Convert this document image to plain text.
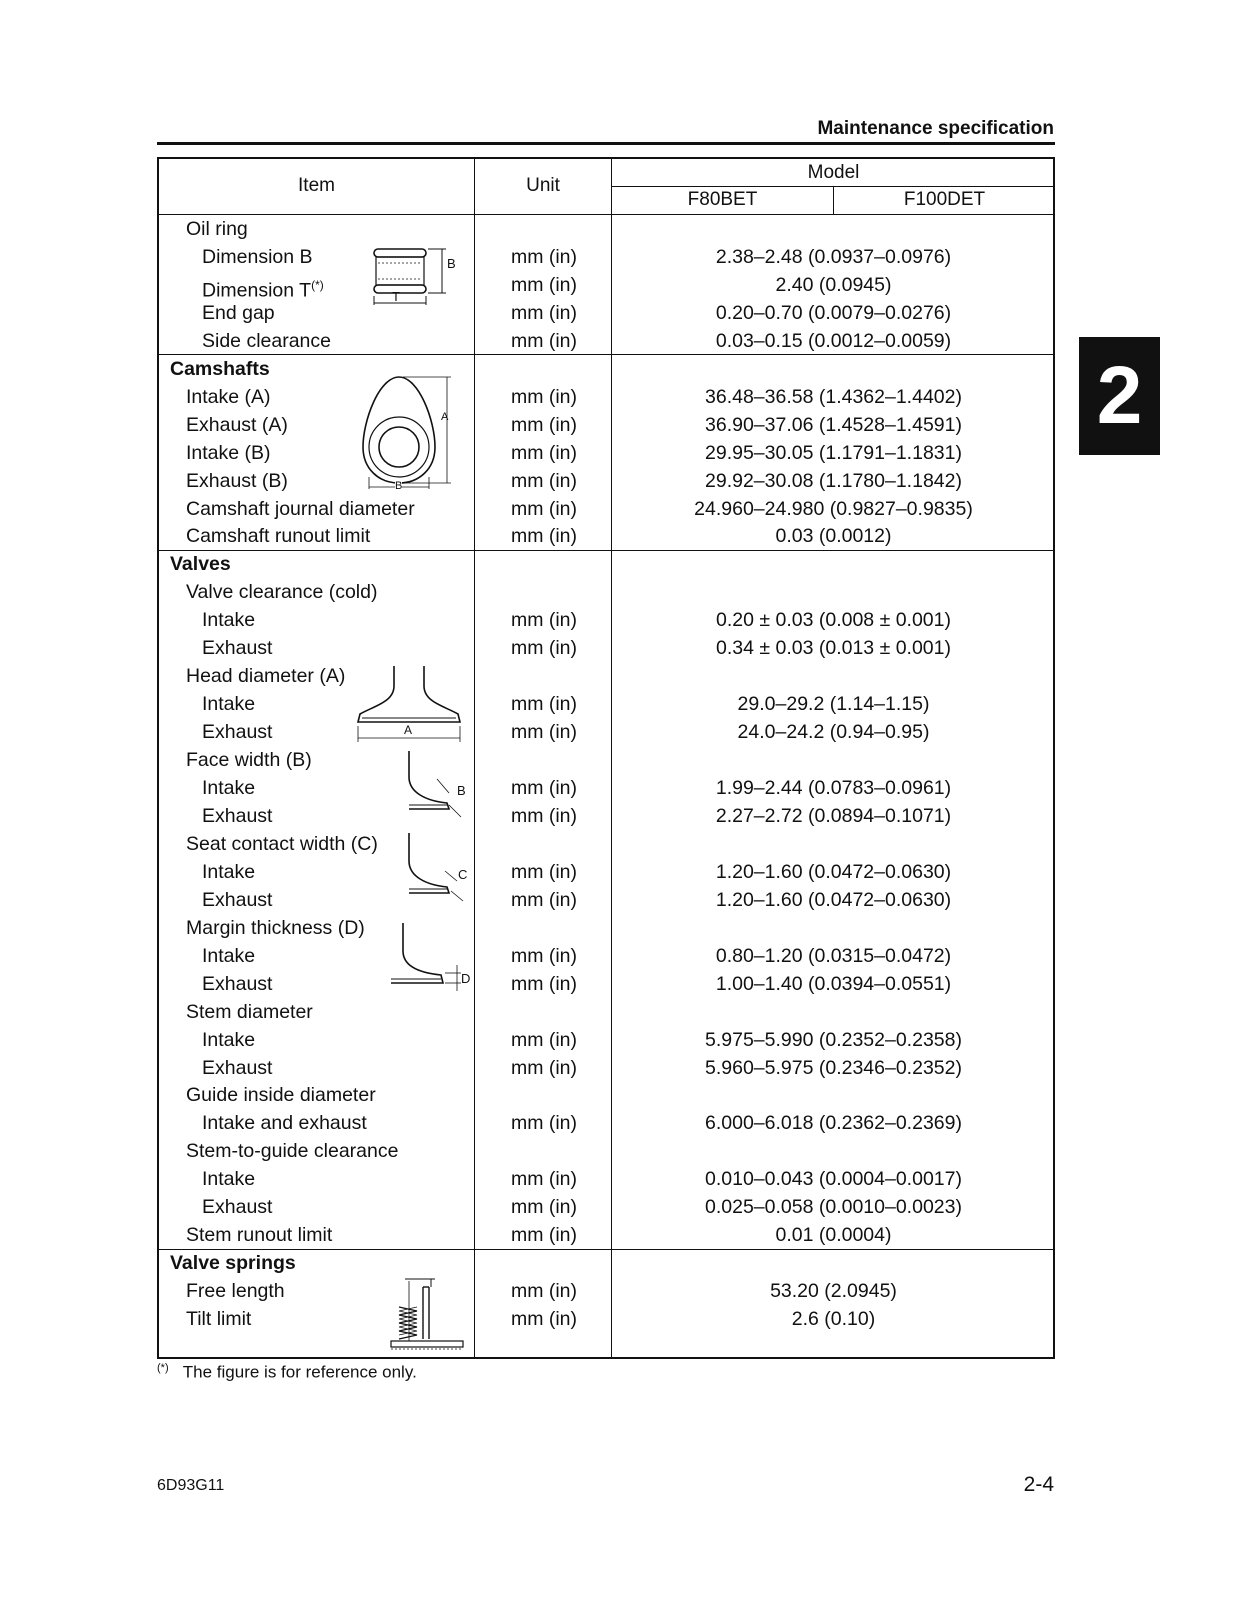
Maintenance specification
2
Item	Unit
Model
F80BET	F100DET
Oil ring
Dimension B	mm (in)	2.38–2.48 (0.0937–0.0976)
Dimension T(*)	mm (in)	2.40 (0.0945)
End gap	mm (in)	0.20–0.70 (0.0079–0.0276)
Side clearance	mm (in)	0.03–0.15 (0.0012–0.0059)
Camshafts
Intake (A)	mm (in)	36.48–36.58 (1.4362–1.4402)
Exhaust (A)	mm (in)	36.90–37.06 (1.4528–1.4591)
Intake (B)	mm (in)	29.95–30.05 (1.1791–1.1831)
Exhaust (B)	mm (in)	29.92–30.08 (1.1780–1.1842)
Camshaft journal diameter	mm (in)	24.960–24.980 (0.9827–0.9835)
Camshaft runout limit	mm (in)	0.03 (0.0012)
Valves
Valve clearance (cold)
Intake	mm (in)	0.20 ± 0.03 (0.008 ± 0.001)
Exhaust	mm (in)	0.34 ± 0.03 (0.013 ± 0.001)
Head diameter (A)
Intake	mm (in)	29.0–29.2 (1.14–1.15)
Exhaust	mm (in)	24.0–24.2 (0.94–0.95)
Face width (B)
Intake	mm (in)	1.99–2.44 (0.0783–0.0961)
Exhaust	mm (in)	2.27–2.72 (0.0894–0.1071)
Seat contact width (C)
Intake	mm (in)	1.20–1.60 (0.0472–0.0630)
Exhaust	mm (in)	1.20–1.60 (0.0472–0.0630)
Margin thickness (D)
Intake	mm (in)	0.80–1.20 (0.0315–0.0472)
Exhaust	mm (in)	1.00–1.40 (0.0394–0.0551)
Stem diameter
Intake	mm (in)	5.975–5.990 (0.2352–0.2358)
Exhaust	mm (in)	5.960–5.975 (0.2346–0.2352)
Guide inside diameter
Intake and exhaust	mm (in)	6.000–6.018 (0.2362–0.2369)
Stem-to-guide clearance
Intake	mm (in)	0.010–0.043 (0.0004–0.0017)
Exhaust	mm (in)	0.025–0.058 (0.0010–0.0023)
Stem runout limit	mm (in)	0.01 (0.0004)
Valve springs
Free length	mm (in)	53.20 (2.0945)
Tilt limit	mm (in)	2.6 (0.10)
B
T
A
B
A
B
C
D
(*) The figure is for reference only.
6D93G11	2-4
